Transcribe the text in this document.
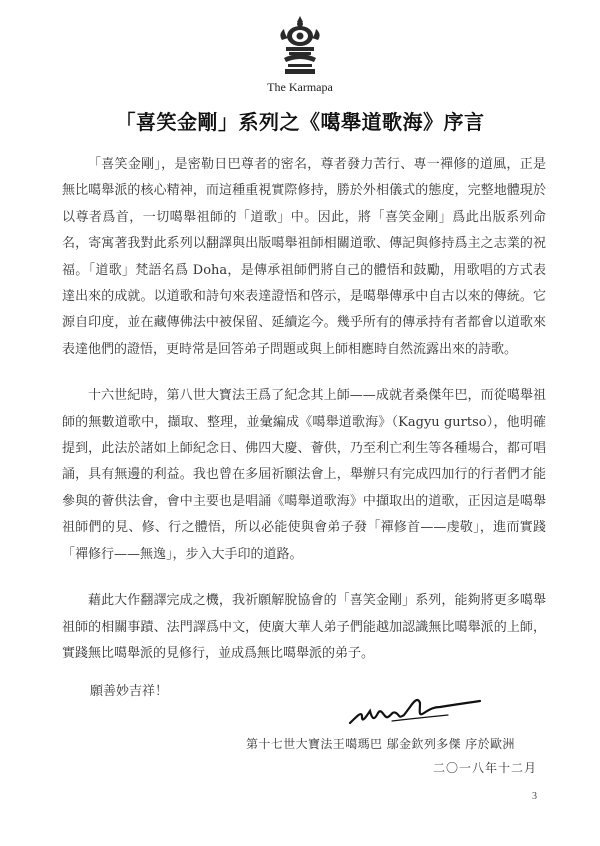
The Karmapa
「喜笑金剛」系列之《噶舉道歌海》序言

「喜笑金剛」，是密勒日巴尊者的密名，尊者發力苦行、專一禪修的道風，正是無比噶舉派的核心精神，而這種重視實際修持，勝於外相儀式的態度，完整地體現於以尊者爲首，一切噶舉祖師的「道歌」中。因此，將「喜笑金剛」爲此出版系列命名，寄寓著我對此系列以翻譯與出版噶舉祖師相關道歌、傳記與修持爲主之志業的祝福。「道歌」梵語名爲 Doha，是傳承祖師們將自己的體悟和鼓勵，用歌唱的方式表達出來的成就。以道歌和詩句來表達證悟和啓示，是噶舉傳承中自古以來的傳統。它源自印度，並在藏傳佛法中被保留、延續迄今。幾乎所有的傳承持有者都會以道歌來表達他們的證悟，更時常是回答弟子問題或與上師相應時自然流露出來的詩歌。

十六世紀時，第八世大寶法王爲了紀念其上師——成就者桑傑年巴，而從噶舉祖師的無數道歌中，擷取、整理，並彙編成《噶舉道歌海》（Kagyu gurtso），他明確提到，此法於諸如上師紀念日、佛四大慶、薈供，乃至利亡利生等各種場合，都可唱誦，具有無邊的利益。我也曾在多屆祈願法會上，舉辦只有完成四加行的行者們才能參與的薈供法會，會中主要也是唱誦《噶舉道歌海》中擷取出的道歌，正因這是噶舉祖師們的見、修、行之體悟，所以必能使與會弟子發「禪修首——虔敬」，進而實踐「禪修行——無逸」，步入大手印的道路。

藉此大作翻譯完成之機，我祈願解脫協會的「喜笑金剛」系列，能夠將更多噶舉祖師的相關事蹟、法門譯爲中文，使廣大華人弟子們能越加認識無比噶舉派的上師，實踐無比噶舉派的見修行，並成爲無比噶舉派的弟子。

願善妙吉祥！
第十七世大寶法王噶瑪巴 鄔金欽列多傑 序於歐洲
二〇一八年十二月
3
